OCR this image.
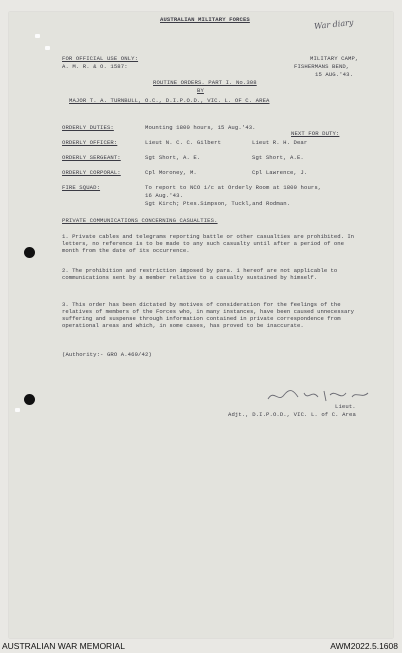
AUSTRALIAN MILITARY FORCES	War diary
FOR OFFICIAL USE ONLY:
A. M. R. & O. 1587:
MILITARY CAMP,
FISHERMANS BEND,
15 AUG.'43.
ROUTINE ORDERS. PART I. No.308
BY
MAJOR T. A. TURNBULL, O.C., D.I.P.O.D., VIC. L. OF C. AREA
ORDERLY DUTIES:	Mounting 1800 hours, 15 Aug.'43.
NEXT FOR DUTY:
ORDERLY OFFICER:	Lieut N. C. C. Gilbert	Lieut R. H. Dear
ORDERLY SERGEANT:	Sgt Short, A. E.	Sgt Short, A.E.
ORDERLY CORPORAL:	Cpl Moroney, M.	Cpl Lawrence, J.
FIRE SQUAD:	To report to NCO i/c at Orderly Room at 1800 hours,
16 Aug.'43.
Sgt Kirch; Ptes.Simpson, Tuckl,and Rodman.
PRIVATE COMMUNICATIONS CONCERNING CASUALTIES.
1. Private cables and telegrams reporting battle or other casualties are prohibited. In letters, no reference is to be made to any such casualty until after a period of one month from the date of its occurrence.
2. The prohibition and restriction imposed by para. 1 hereof are not applicable to communications sent by a member relative to a casualty sustained by himself.
3. This order has been dictated by motives of consideration for the feelings of the relatives of members of the Forces who, in many instances, have been caused unnecessary suffering and suspense through information contained in private correspondence from operational areas and which, in some cases, has proved to be inaccurate.
(Authority:- GRO A.469/42)
Lieut.
Adjt., D.I.P.O.D., VIC. L. of C. Area
AUSTRALIAN WAR MEMORIAL	AWM2022.5.1608
